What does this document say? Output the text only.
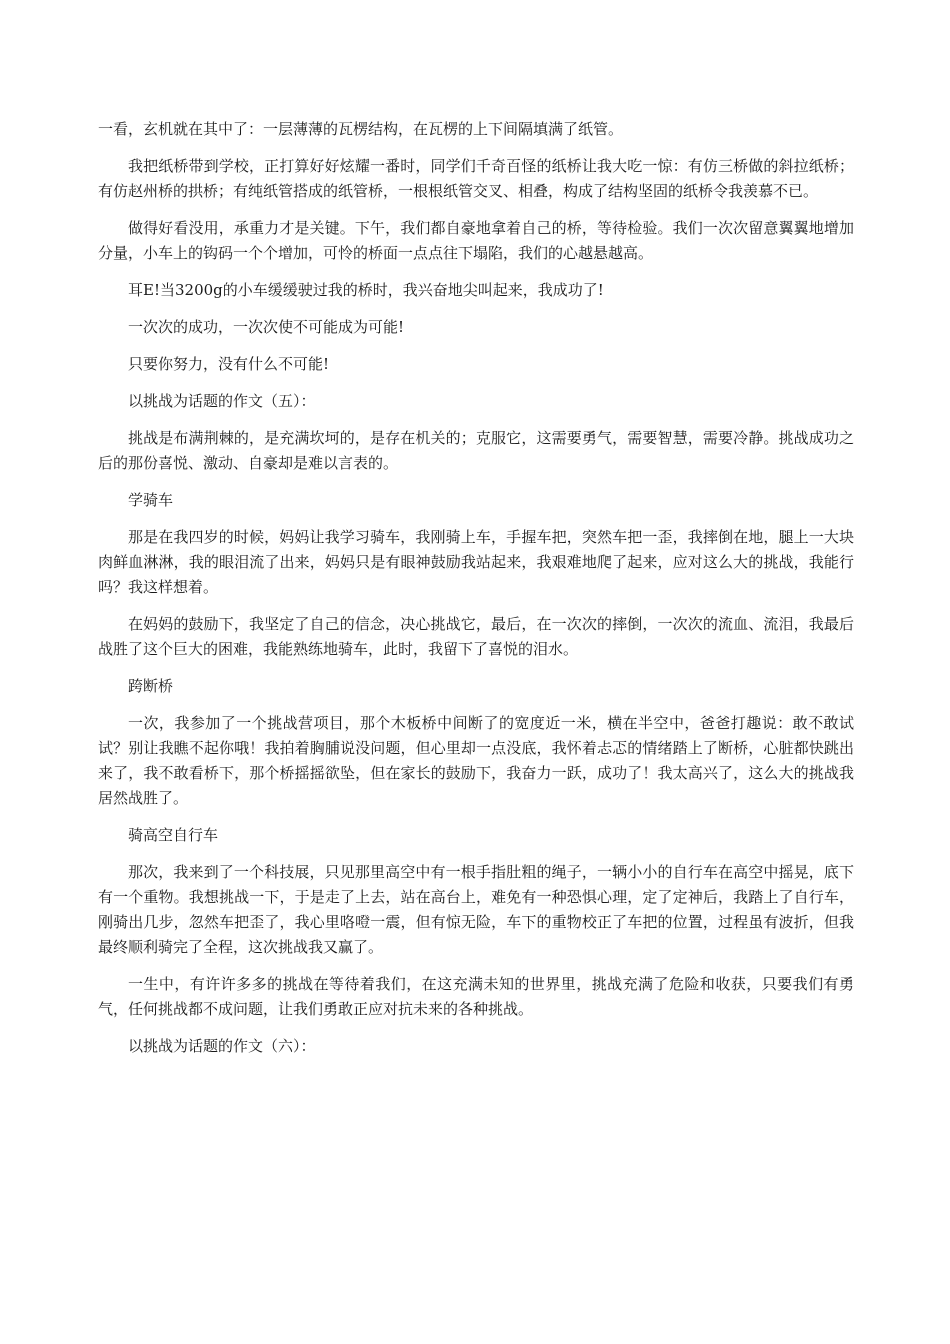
一看，玄机就在其中了：一层薄薄的瓦楞结构，在瓦楞的上下间隔填满了纸管。

我把纸桥带到学校，正打算好好炫耀一番时，同学们千奇百怪的纸桥让我大吃一惊：有仿三桥做的斜拉纸桥；有仿赵州桥的拱桥；有纯纸管搭成的纸管桥，一根根纸管交叉、相叠，构成了结构坚固的纸桥令我羡慕不已。

做得好看没用，承重力才是关键。下午，我们都自豪地拿着自己的桥，等待检验。我们一次次留意翼翼地增加分量，小车上的钩码一个个增加，可怜的桥面一点点往下塌陷，我们的心越悬越高。

耳E!当3200g的小车缓缓驶过我的桥时，我兴奋地尖叫起来，我成功了!

一次次的成功，一次次使不可能成为可能!

只要你努力，没有什么不可能!

以挑战为话题的作文（五）：

挑战是布满荆棘的，是充满坎坷的，是存在机关的；克服它，这需要勇气，需要智慧，需要冷静。挑战成功之后的那份喜悦、激动、自豪却是难以言表的。

学骑车

那是在我四岁的时候，妈妈让我学习骑车，我刚骑上车，手握车把，突然车把一歪，我摔倒在地，腿上一大块肉鲜血淋淋，我的眼泪流了出来，妈妈只是有眼神鼓励我站起来，我艰难地爬了起来，应对这么大的挑战，我能行吗？我这样想着。

在妈妈的鼓励下，我坚定了自己的信念，决心挑战它，最后，在一次次的摔倒，一次次的流血、流泪，我最后战胜了这个巨大的困难，我能熟练地骑车，此时，我留下了喜悦的泪水。

跨断桥

一次，我参加了一个挑战营项目，那个木板桥中间断了的宽度近一米，横在半空中，爸爸打趣说：敢不敢试试？别让我瞧不起你哦！我拍着胸脯说没问题，但心里却一点没底，我怀着忐忑的情绪踏上了断桥，心脏都快跳出来了，我不敢看桥下，那个桥摇摇欲坠，但在家长的鼓励下，我奋力一跃，成功了！我太高兴了，这么大的挑战我居然战胜了。

骑高空自行车

那次，我来到了一个科技展，只见那里高空中有一根手指肚粗的绳子，一辆小小的自行车在高空中摇晃，底下有一个重物。我想挑战一下，于是走了上去，站在高台上，难免有一种恐惧心理，定了定神后，我踏上了自行车，刚骑出几步，忽然车把歪了，我心里咯噔一震，但有惊无险，车下的重物校正了车把的位置，过程虽有波折，但我最终顺利骑完了全程，这次挑战我又赢了。

一生中，有许许多多的挑战在等待着我们，在这充满未知的世界里，挑战充满了危险和收获，只要我们有勇气，任何挑战都不成问题，让我们勇敢正应对抗未来的各种挑战。

以挑战为话题的作文（六）：
